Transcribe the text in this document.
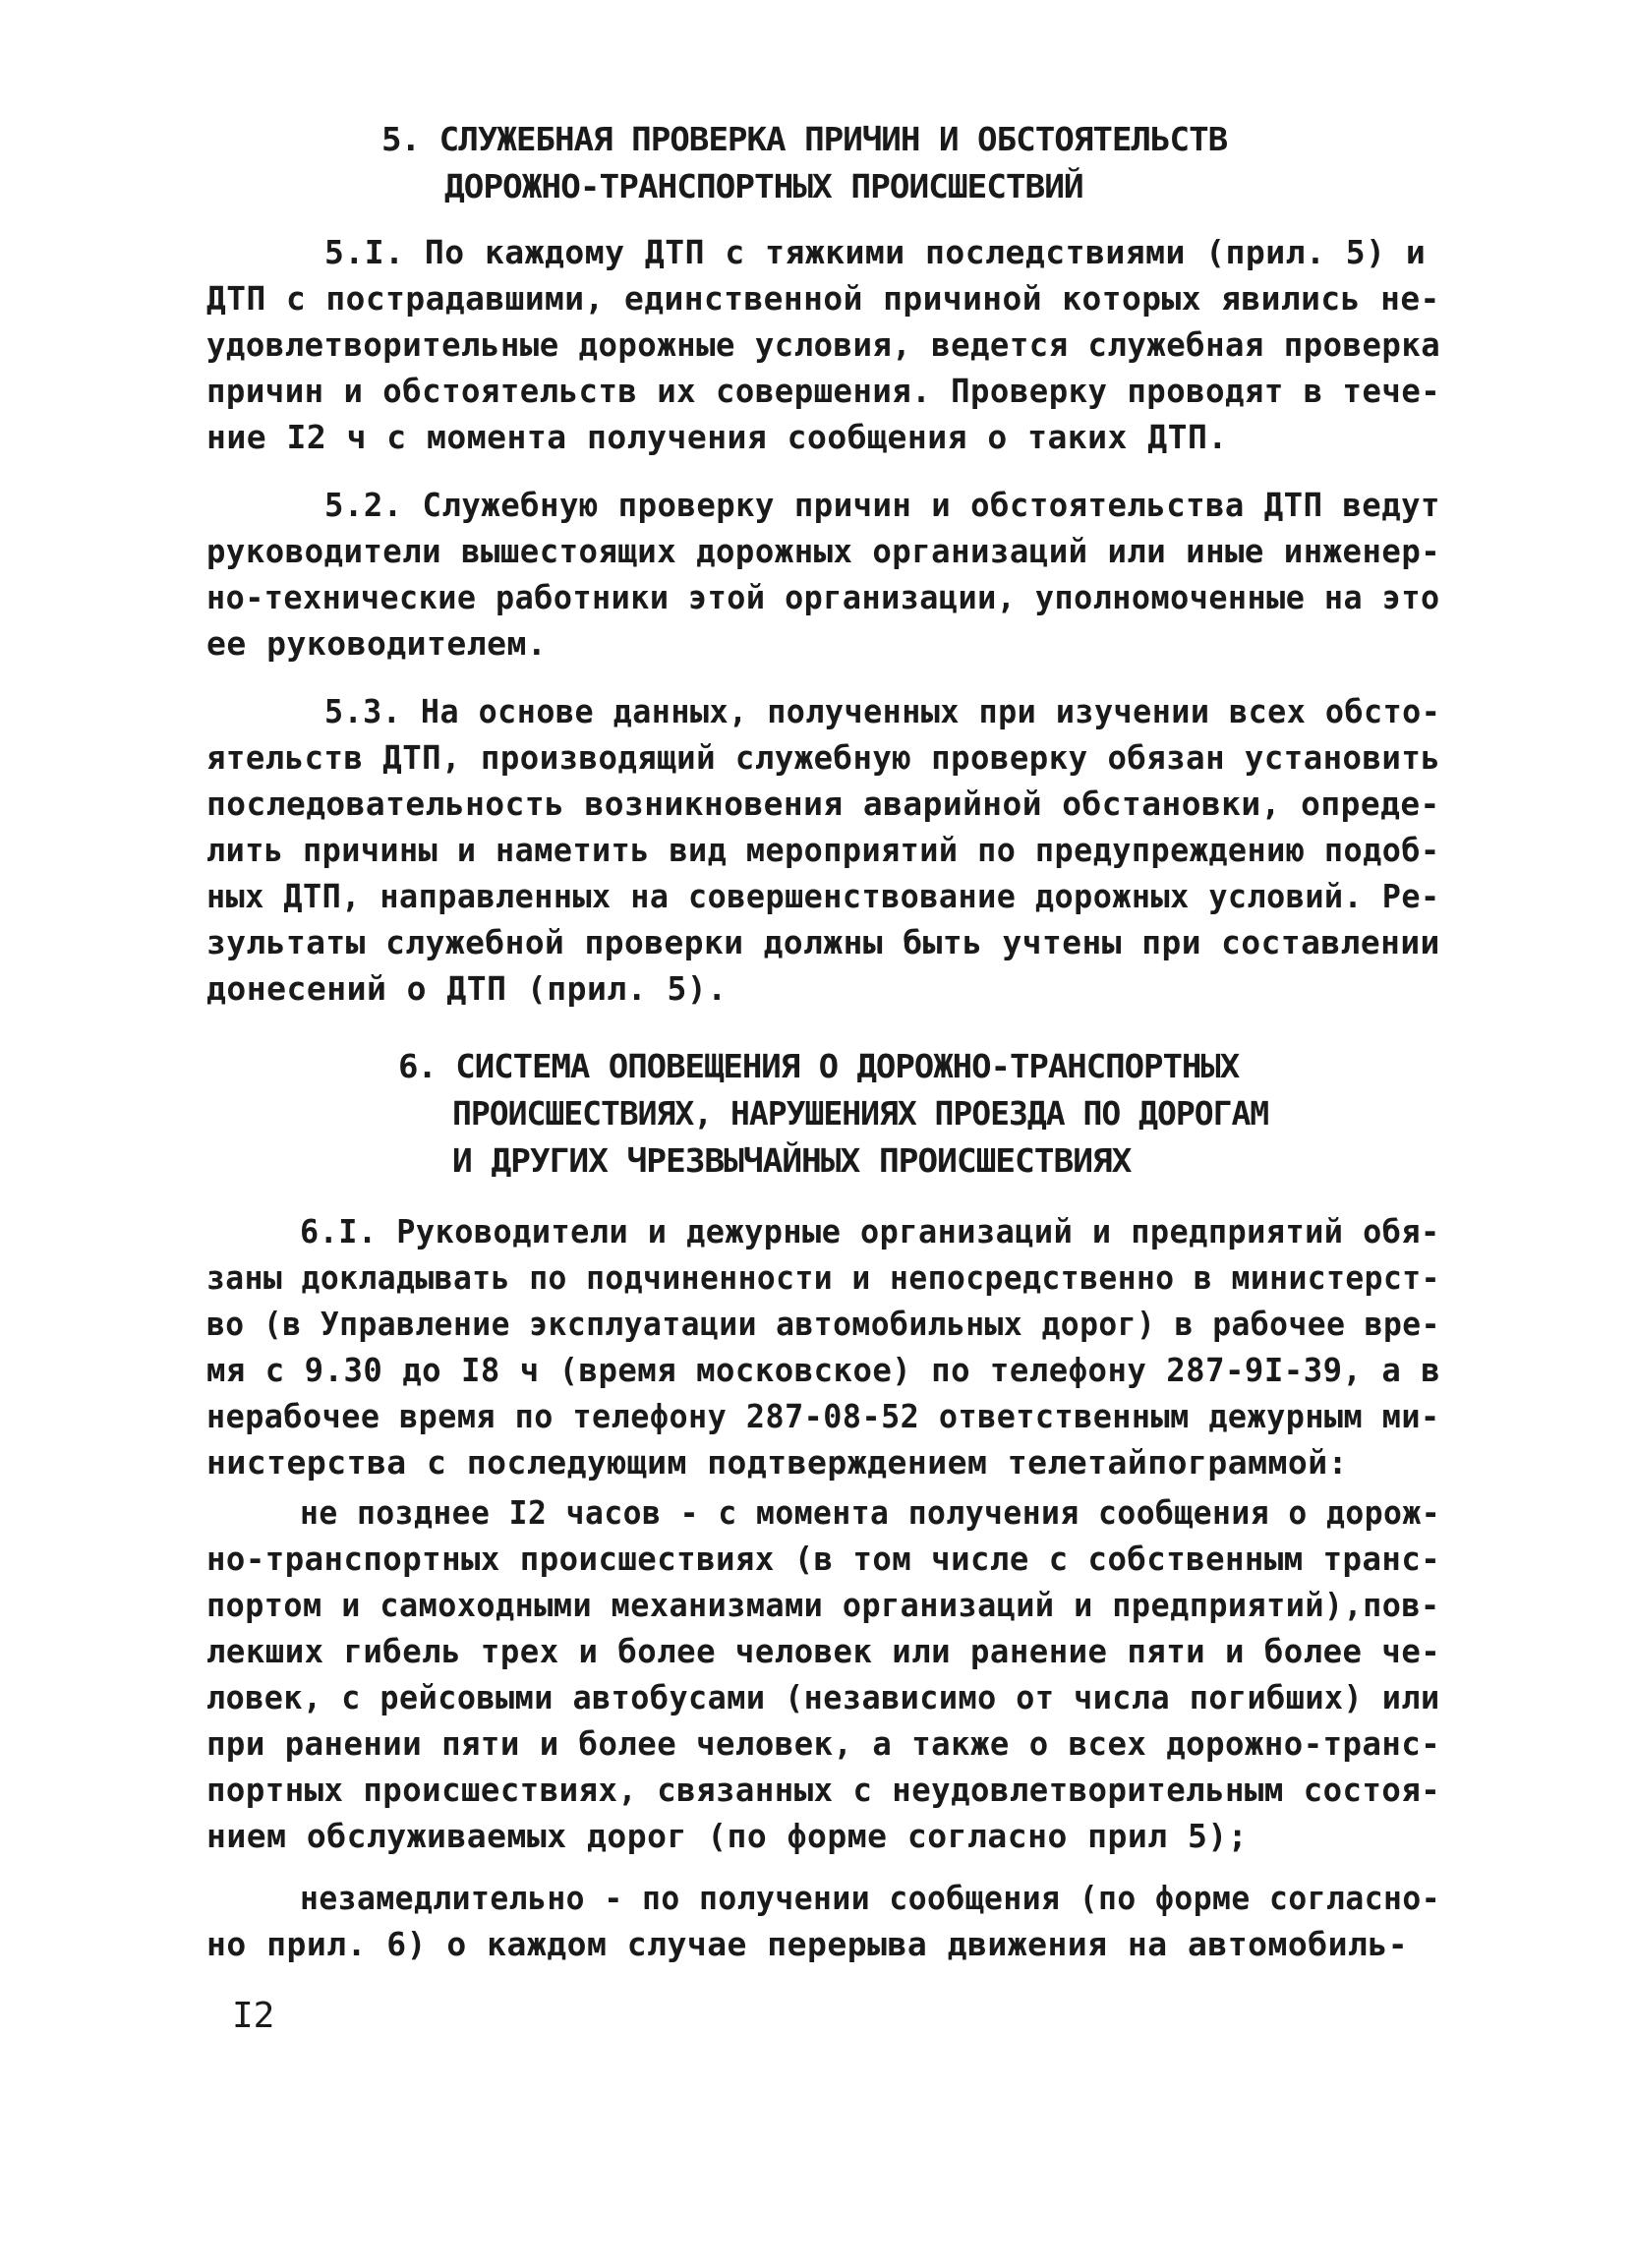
5. СЛУЖЕБНАЯ ПРОВЕРКА ПРИЧИН И ОБСТОЯТЕЛЬСТВ
ДОРОЖНО-ТРАНСПОРТНЫХ ПРОИСШЕСТВИЙ
5.I. По каждому ДТП с тяжкими последствиями (прил. 5) и
ДТП с пострадавшими, единственной причиной которых явились не-
удовлетворительные дорожные условия, ведется служебная проверка
причин и обстоятельств их совершения. Проверку проводят в тече-
ние I2 ч с момента получения сообщения о таких ДТП.
5.2. Служебную проверку причин и обстоятельства ДТП ведут
руководители вышестоящих дорожных организаций или иные инженер-
но-технические работники этой организации, уполномоченные на это
ее руководителем.
5.3. На основе данных, полученных при изучении всех обсто-
ятельств ДТП, производящий служебную проверку обязан установить
последовательность возникновения аварийной обстановки, опреде-
лить причины и наметить вид мероприятий по предупреждению подоб-
ных ДТП, направленных на совершенствование дорожных условий. Ре-
зультаты служебной проверки должны быть учтены при составлении
донесений о ДТП (прил. 5).
6. СИСТЕМА ОПОВЕЩЕНИЯ О ДОРОЖНО-ТРАНСПОРТНЫХ
ПРОИСШЕСТВИЯХ, НАРУШЕНИЯХ ПРОЕЗДА ПО ДОРОГАМ
И ДРУГИХ ЧРЕЗВЫЧАЙНЫХ ПРОИСШЕСТВИЯХ
6.I. Руководители и дежурные организаций и предприятий обя-
заны докладывать по подчиненности и непосредственно в министерст-
во (в Управление эксплуатации автомобильных дорог) в рабочее вре-
мя с 9.30 до I8 ч (время московское) по телефону 287-9I-39, а в
нерабочее время по телефону 287-08-52 ответственным дежурным ми-
нистерства с последующим подтверждением телетайпограммой:
не позднее I2 часов - с момента получения сообщения о дорож-
но-транспортных происшествиях (в том числе с собственным транс-
портом и самоходными механизмами организаций и предприятий),пов-
лекших гибель трех и более человек или ранение пяти и более че-
ловек, с рейсовыми автобусами (независимо от числа погибших) или
при ранении пяти и более человек, а также о всех дорожно-транс-
портных происшествиях, связанных с неудовлетворительным состоя-
нием обслуживаемых дорог (по форме согласно прил 5);
незамедлительно - по получении сообщения (по форме согласно-
но прил. 6) о каждом случае перерыва движения на автомобиль-
I2
